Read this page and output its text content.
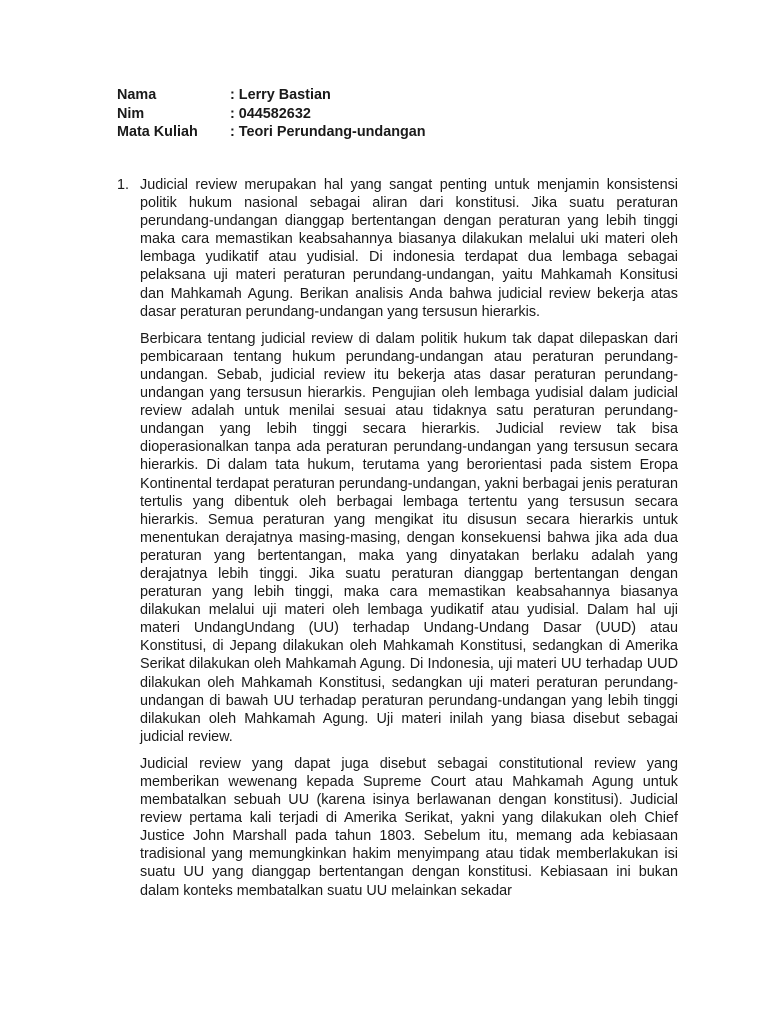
Nama	: Lerry Bastian
Nim	: 044582632
Mata Kuliah	: Teori Perundang-undangan
1. Judicial review merupakan hal yang sangat penting untuk menjamin konsistensi politik hukum nasional sebagai aliran dari konstitusi. Jika suatu peraturan perundang-undangan dianggap bertentangan dengan peraturan yang lebih tinggi maka cara memastikan keabsahannya biasanya dilakukan melalui uki materi oleh lembaga yudikatif atau yudisial. Di indonesia terdapat dua lembaga sebagai pelaksana uji materi peraturan perundang-undangan, yaitu Mahkamah Konsitusi dan Mahkamah Agung. Berikan analisis Anda bahwa judicial review bekerja atas dasar peraturan perundang-undangan yang tersusun hierarkis.

Berbicara tentang judicial review di dalam politik hukum tak dapat dilepaskan dari pembicaraan tentang hukum perundang-undangan atau peraturan perundang-undangan. Sebab, judicial review itu bekerja atas dasar peraturan perundang-undangan yang tersusun hierarkis. Pengujian oleh lembaga yudisial dalam judicial review adalah untuk menilai sesuai atau tidaknya satu peraturan perundang-undangan yang lebih tinggi secara hierarkis. Judicial review tak bisa dioperasionalkan tanpa ada peraturan perundang-undangan yang tersusun secara hierarkis. Di dalam tata hukum, terutama yang berorientasi pada sistem Eropa Kontinental terdapat peraturan perundang-undangan, yakni berbagai jenis peraturan tertulis yang dibentuk oleh berbagai lembaga tertentu yang tersusun secara hierarkis. Semua peraturan yang mengikat itu disusun secara hierarkis untuk menentukan derajatnya masing-masing, dengan konsekuensi bahwa jika ada dua peraturan yang bertentangan, maka yang dinyatakan berlaku adalah yang derajatnya lebih tinggi. Jika suatu peraturan dianggap bertentangan dengan peraturan yang lebih tinggi, maka cara memastikan keabsahannya biasanya dilakukan melalui uji materi oleh lembaga yudikatif atau yudisial. Dalam hal uji materi UndangUndang (UU) terhadap Undang-Undang Dasar (UUD) atau Konstitusi, di Jepang dilakukan oleh Mahkamah Konstitusi, sedangkan di Amerika Serikat dilakukan oleh Mahkamah Agung. Di Indonesia, uji materi UU terhadap UUD dilakukan oleh Mahkamah Konstitusi, sedangkan uji materi peraturan perundang-undangan di bawah UU terhadap peraturan perundang-undangan yang lebih tinggi dilakukan oleh Mahkamah Agung. Uji materi inilah yang biasa disebut sebagai judicial review.

Judicial review yang dapat juga disebut sebagai constitutional review yang memberikan wewenang kepada Supreme Court atau Mahkamah Agung untuk membatalkan sebuah UU (karena isinya berlawanan dengan konstitusi). Judicial review pertama kali terjadi di Amerika Serikat, yakni yang dilakukan oleh Chief Justice John Marshall pada tahun 1803. Sebelum itu, memang ada kebiasaan tradisional yang memungkinkan hakim menyimpang atau tidak memberlakukan isi suatu UU yang dianggap bertentangan dengan konstitusi. Kebiasaan ini bukan dalam konteks membatalkan suatu UU melainkan sekadar
